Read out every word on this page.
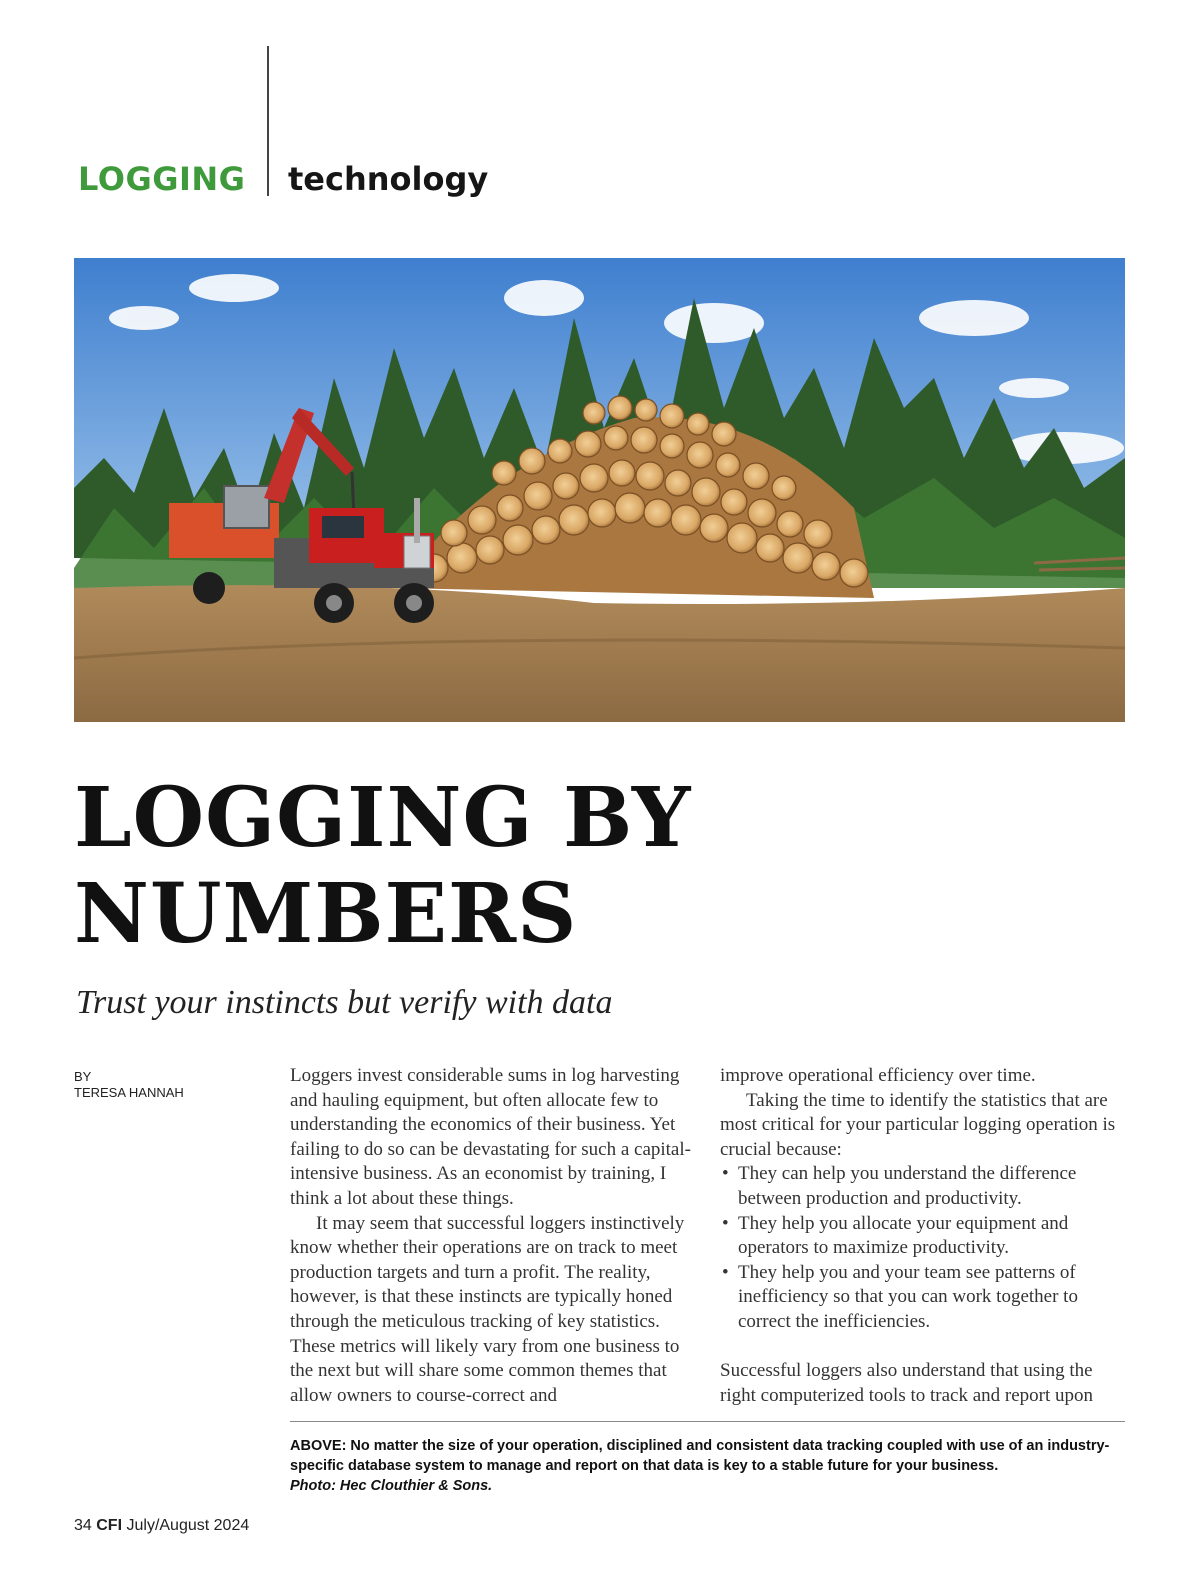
LOGGING technology
LOGGING BY
NUMBERS
Trust your instincts but verify with data
BY
TERESA HANNAH

Loggers invest considerable sums in log harvesting and hauling equipment, but often allocate few to understanding the economics of their business. Yet failing to do so can be devastating for such a capital-intensive business. As an economist by training, I think a lot about these things.

It may seem that successful loggers instinctively know whether their operations are on track to meet production targets and turn a profit. The reality, however, is that these instincts are typically honed through the meticulous tracking of key statistics. These metrics will likely vary from one business to the next but will share some common themes that allow owners to course-correct and

improve operational efficiency over time.

Taking the time to identify the statistics that are most critical for your particular logging operation is crucial because:

• They can help you understand the difference between production and productivity.
• They help you allocate your equipment and operators to maximize productivity.
• They help you and your team see patterns of inefficiency so that you can work together to correct the inefficiencies.

Successful loggers also understand that using the right computerized tools to track and report upon

ABOVE: No matter the size of your operation, disciplined and consistent data tracking coupled with use of an industry-specific database system to manage and report on that data is key to a stable future for your business.
Photo: Hec Clouthier & Sons.
34 CFI July/August 2024
